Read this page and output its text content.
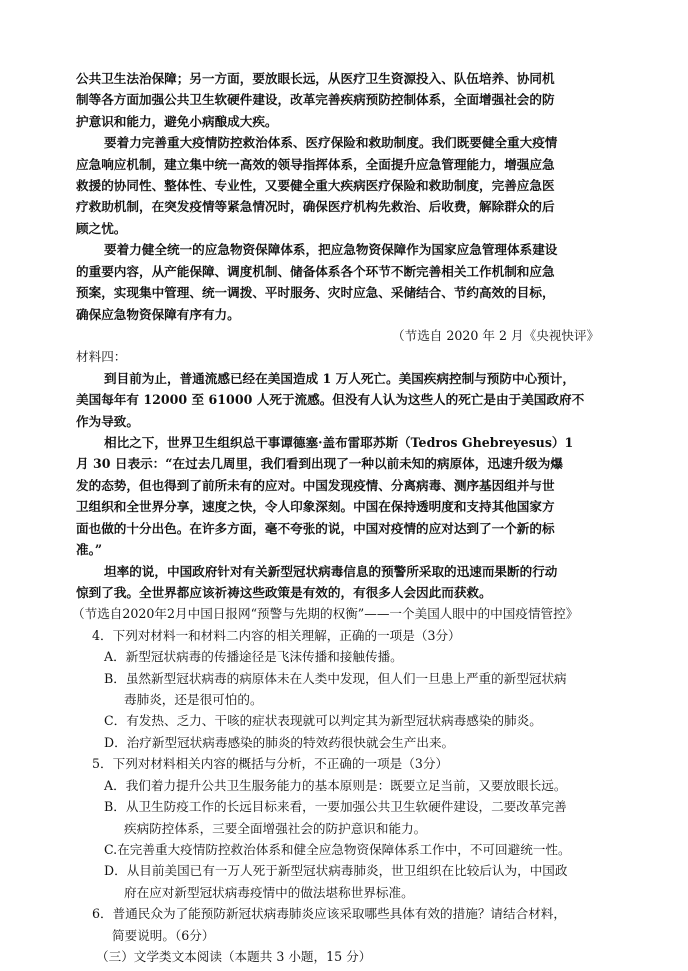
公共卫生法治保障；另一方面，要放眼长远，从医疗卫生资源投入、队伍培养、协同机
制等各方面加强公共卫生软硬件建设，改革完善疾病预防控制体系，全面增强社会的防
护意识和能力，避免小病酿成大疾。
要着力完善重大疫情防控救治体系、医疗保险和救助制度。我们既要健全重大疫情
应急响应机制，建立集中统一高效的领导指挥体系，全面提升应急管理能力，增强应急
救援的协同性、整体性、专业性，又要健全重大疾病医疗保险和救助制度，完善应急医
疗救助机制，在突发疫情等紧急情况时，确保医疗机构先救治、后收费，解除群众的后
顾之忧。
要着力健全统一的应急物资保障体系，把应急物资保障作为国家应急管理体系建设
的重要内容，从产能保障、调度机制、储备体系各个环节不断完善相关工作机制和应急
预案，实现集中管理、统一调拨、平时服务、灾时应急、采储结合、节约高效的目标，
确保应急物资保障有序有力。
（节选自 2020 年 2 月《央视快评》
材料四：
到目前为止，普通流感已经在美国造成 1 万人死亡。美国疾病控制与预防中心预计，
美国每年有 12000 至 61000 人死于流感。但没有人认为这些人的死亡是由于美国政府不
作为导致。
相比之下，世界卫生组织总干事谭德塞·盖布雷耶苏斯（Tedros Ghebreyesus）1
月 30 日表示：“在过去几周里，我们看到出现了一种以前未知的病原体，迅速升级为爆
发的态势，但也得到了前所未有的应对。中国发现疫情、分离病毒、测序基因组并与世
卫组织和全世界分享，速度之快，令人印象深刻。中国在保持透明度和支持其他国家方
面也做的十分出色。在许多方面，毫不夸张的说，中国对疫情的应对达到了一个新的标
准。”
坦率的说，中国政府针对有关新型冠状病毒信息的预警所采取的迅速而果断的行动
惊到了我。全世界都应该祈祷这些政策是有效的，有很多人会因此而获救。
（节选自2020年2月中国日报网“预警与先期的权衡”——一个美国人眼中的中国疫情管控》
4．下列对材料一和材料二内容的相关理解，正确的一项是（3分）
A．新型冠状病毒的传播途径是飞沫传播和接触传播。
B．虽然新型冠状病毒的病原体未在人类中发现，但人们一旦患上严重的新型冠状病
毒肺炎，还是很可怕的。
C．有发热、乏力、干咳的症状表现就可以判定其为新型冠状病毒感染的肺炎。
D．治疗新型冠状病毒感染的肺炎的特效药很快就会生产出来。
5．下列对材料相关内容的概括与分析，不正确的一项是（3分）
A．我们着力提升公共卫生服务能力的基本原则是：既要立足当前，又要放眼长远。
B．从卫生防疫工作的长远目标来看，一要加强公共卫生软硬件建设，二要改革完善
疾病防控体系，三要全面增强社会的防护意识和能力。
C.在完善重大疫情防控救治体系和健全应急物资保障体系工作中，不可回避统一性。
D．从目前美国已有一万人死于新型冠状病毒肺炎，世卫组织在比较后认为，中国政
府在应对新型冠状病毒疫情中的做法堪称世界标准。
6．普通民众为了能预防新冠状病毒肺炎应该采取哪些具体有效的措施？请结合材料，
简要说明。（6分）
（三）文学类文本阅读（本题共 3 小题，15 分）
